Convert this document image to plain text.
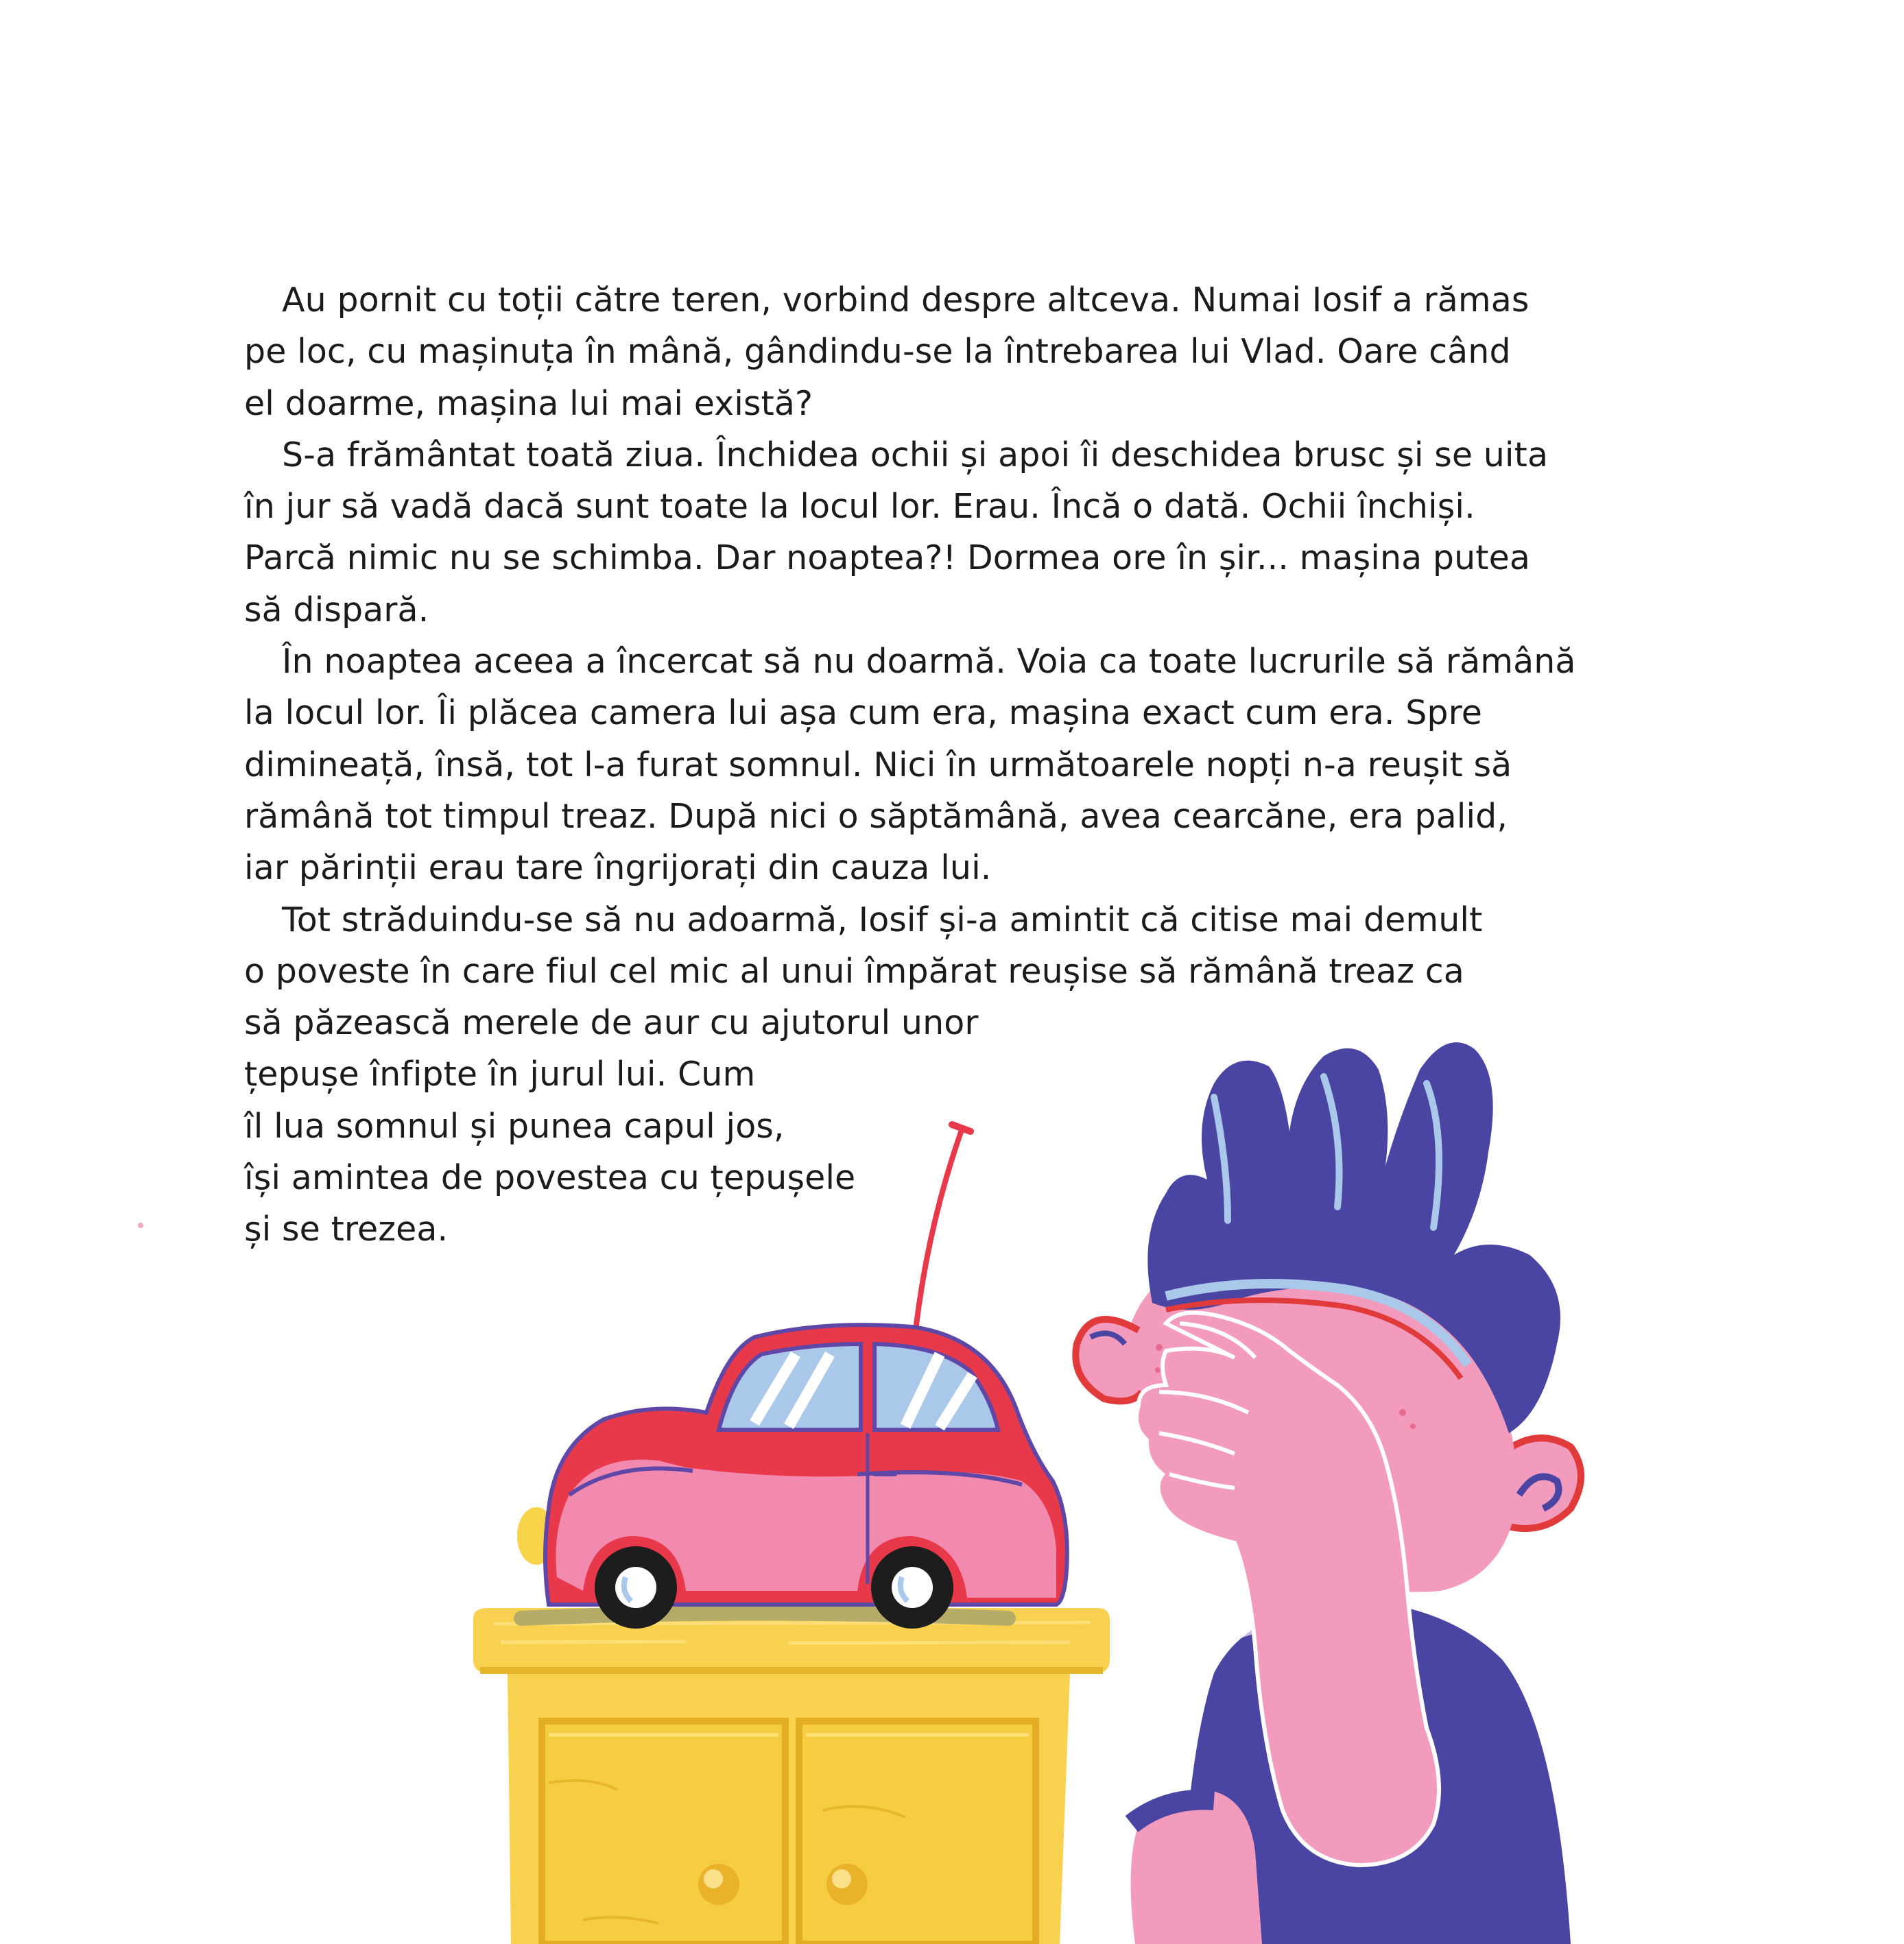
Au pornit cu toții către teren, vorbind despre altceva. Numai Iosif a rămas
pe loc, cu mașinuța în mână, gândindu-se la întrebarea lui Vlad. Oare când
el doarme, mașina lui mai există?
S-a frământat toată ziua. Închidea ochii și apoi îi deschidea brusc și se uita
în jur să vadă dacă sunt toate la locul lor. Erau. Încă o dată. Ochii închiși.
Parcă nimic nu se schimba. Dar noaptea?! Dormea ore în șir... mașina putea
să dispară.
În noaptea aceea a încercat să nu doarmă. Voia ca toate lucrurile să rămână
la locul lor. Îi plăcea camera lui așa cum era, mașina exact cum era. Spre
dimineață, însă, tot l-a furat somnul. Nici în următoarele nopți n-a reușit să
rămână tot timpul treaz. După nici o săptămână, avea cearcăne, era palid,
iar părinții erau tare îngrijorați din cauza lui.
Tot străduindu-se să nu adoarmă, Iosif și-a amintit că citise mai demult
o poveste în care fiul cel mic al unui împărat reușise să rămână treaz ca
să păzească merele de aur cu ajutorul unor
țepușe înfipte în jurul lui. Cum
îl lua somnul și punea capul jos,
își amintea de povestea cu țepușele
și se trezea.
